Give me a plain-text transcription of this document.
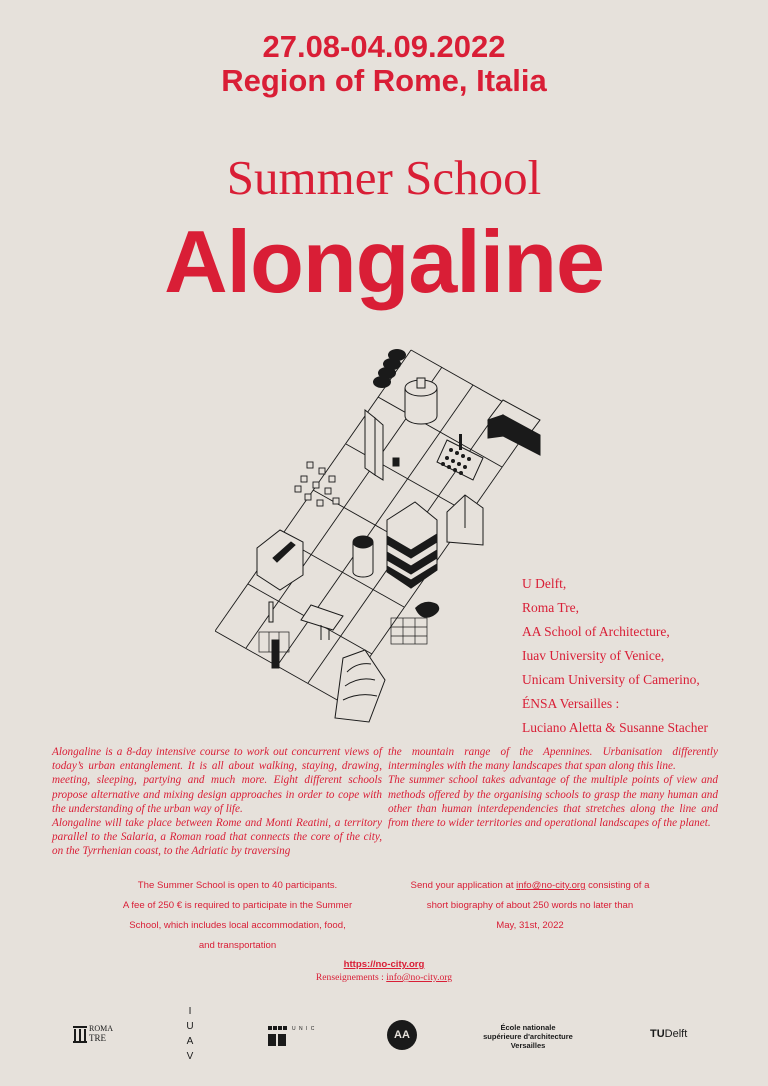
27.08-04.09.2022
Region of Rome, Italia
Summer School
Alongaline
U Delft,
Roma Tre,
AA School of Architecture,
Iuav University of Venice,
Unicam University of Camerino,
ÉNSA Versailles :
Luciano Aletta & Susanne Stacher

Alongaline is a 8-day intensive course to work out concurrent views of today’s urban entanglement. It is all about walking, staying, drawing, meeting, sleeping, partying and much more. Eight different schools propose alternative and mixing design approaches in order to cope with the understanding of the urban way of life.

Alongaline will take place between Rome and Monti Reatini, a territory parallel to the Salaria, a Roman road that connects the core of the city, on the Tyrrhenian coast, to the Adriatic by traversing

the mountain range of the Apennines. Urbanisation differently intermingles with the many landscapes that span along this line.

The summer school takes advantage of the multiple points of view and methods offered by the organising schools to grasp the many human and other than human interdependencies that stretches along the line and from there to wider territories and operational landscapes of the planet.

The Summer School is open to 40 participants.

A fee of 250 € is required to participate in the Summer

School, which includes local accommodation, food,

and transportation

Send your application at info@no-city.org consisting of a

short biography of about 250 words no later than

May, 31st, 2022

https://no-city.org
Renseignements : info@no-city.org
ROMA
TRE
I
U
A
V
U N I C	AA
École nationale
supérieure d'architecture
Versailles
TUDelft
